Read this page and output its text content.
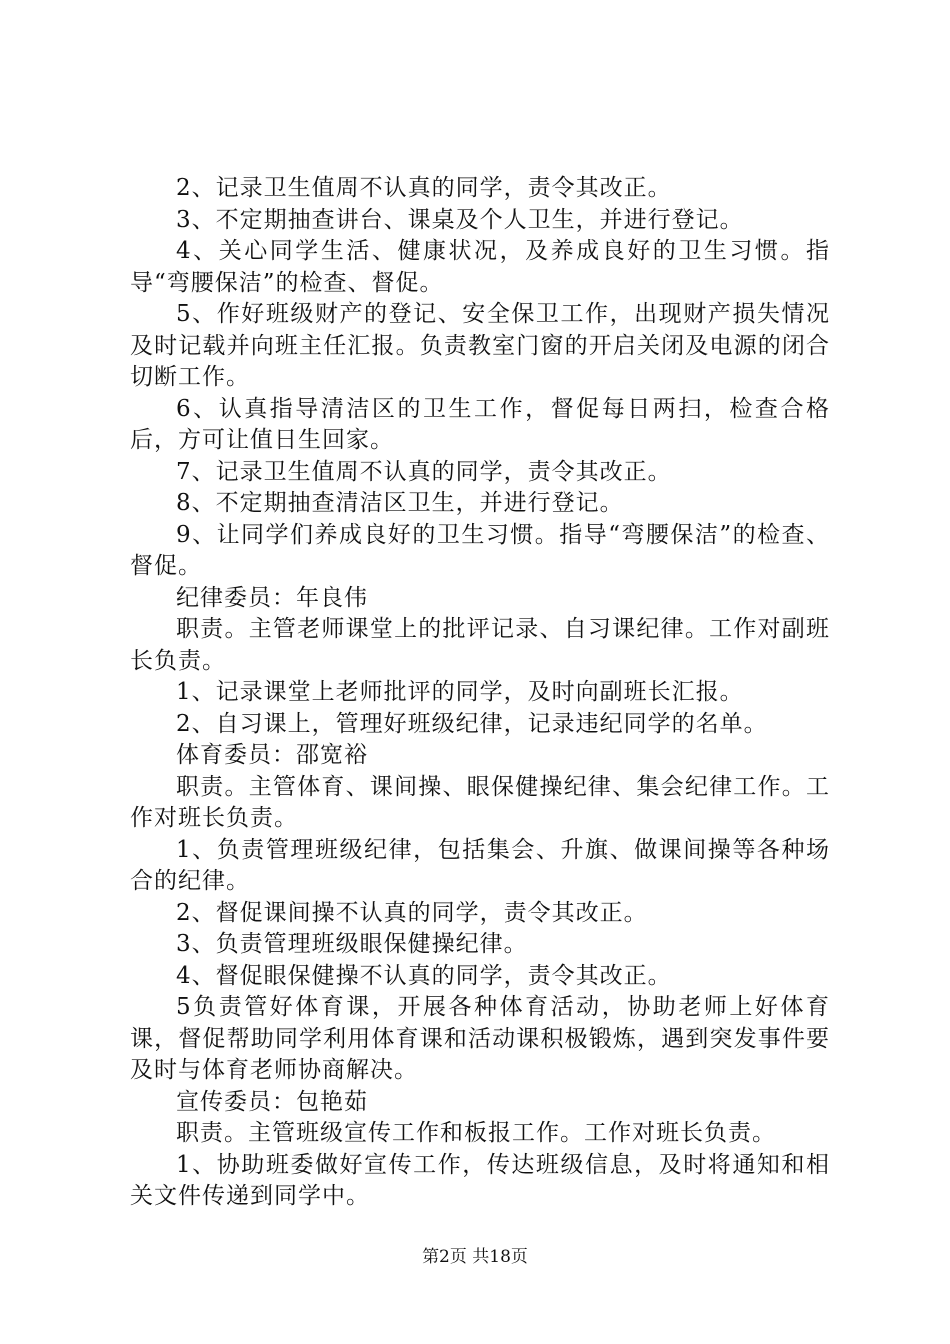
2、记录卫生值周不认真的同学，责令其改正。

3、不定期抽查讲台、课桌及个人卫生，并进行登记。

4、关心同学生活、健康状况，及养成良好的卫生习惯。指导“弯腰保洁”的检查、督促。

5、作好班级财产的登记、安全保卫工作，出现财产损失情况及时记载并向班主任汇报。负责教室门窗的开启关闭及电源的闭合切断工作。

6、认真指导清洁区的卫生工作，督促每日两扫，检查合格后，方可让值日生回家。

7、记录卫生值周不认真的同学，责令其改正。

8、不定期抽查清洁区卫生，并进行登记。

9、让同学们养成良好的卫生习惯。指导“弯腰保洁”的检查、督促。

纪律委员：年良伟

职责。主管老师课堂上的批评记录、自习课纪律。工作对副班长负责。

1、记录课堂上老师批评的同学，及时向副班长汇报。

2、自习课上，管理好班级纪律，记录违纪同学的名单。

体育委员：邵宽裕

职责。主管体育、课间操、眼保健操纪律、集会纪律工作。工作对班长负责。

1、负责管理班级纪律，包括集会、升旗、做课间操等各种场合的纪律。

2、督促课间操不认真的同学，责令其改正。

3、负责管理班级眼保健操纪律。

4、督促眼保健操不认真的同学，责令其改正。

5负责管好体育课，开展各种体育活动，协助老师上好体育课，督促帮助同学利用体育课和活动课积极锻炼，遇到突发事件要及时与体育老师协商解决。

宣传委员：包艳茹

职责。主管班级宣传工作和板报工作。工作对班长负责。

1、协助班委做好宣传工作，传达班级信息，及时将通知和相关文件传递到同学中。

第2页 共18页
